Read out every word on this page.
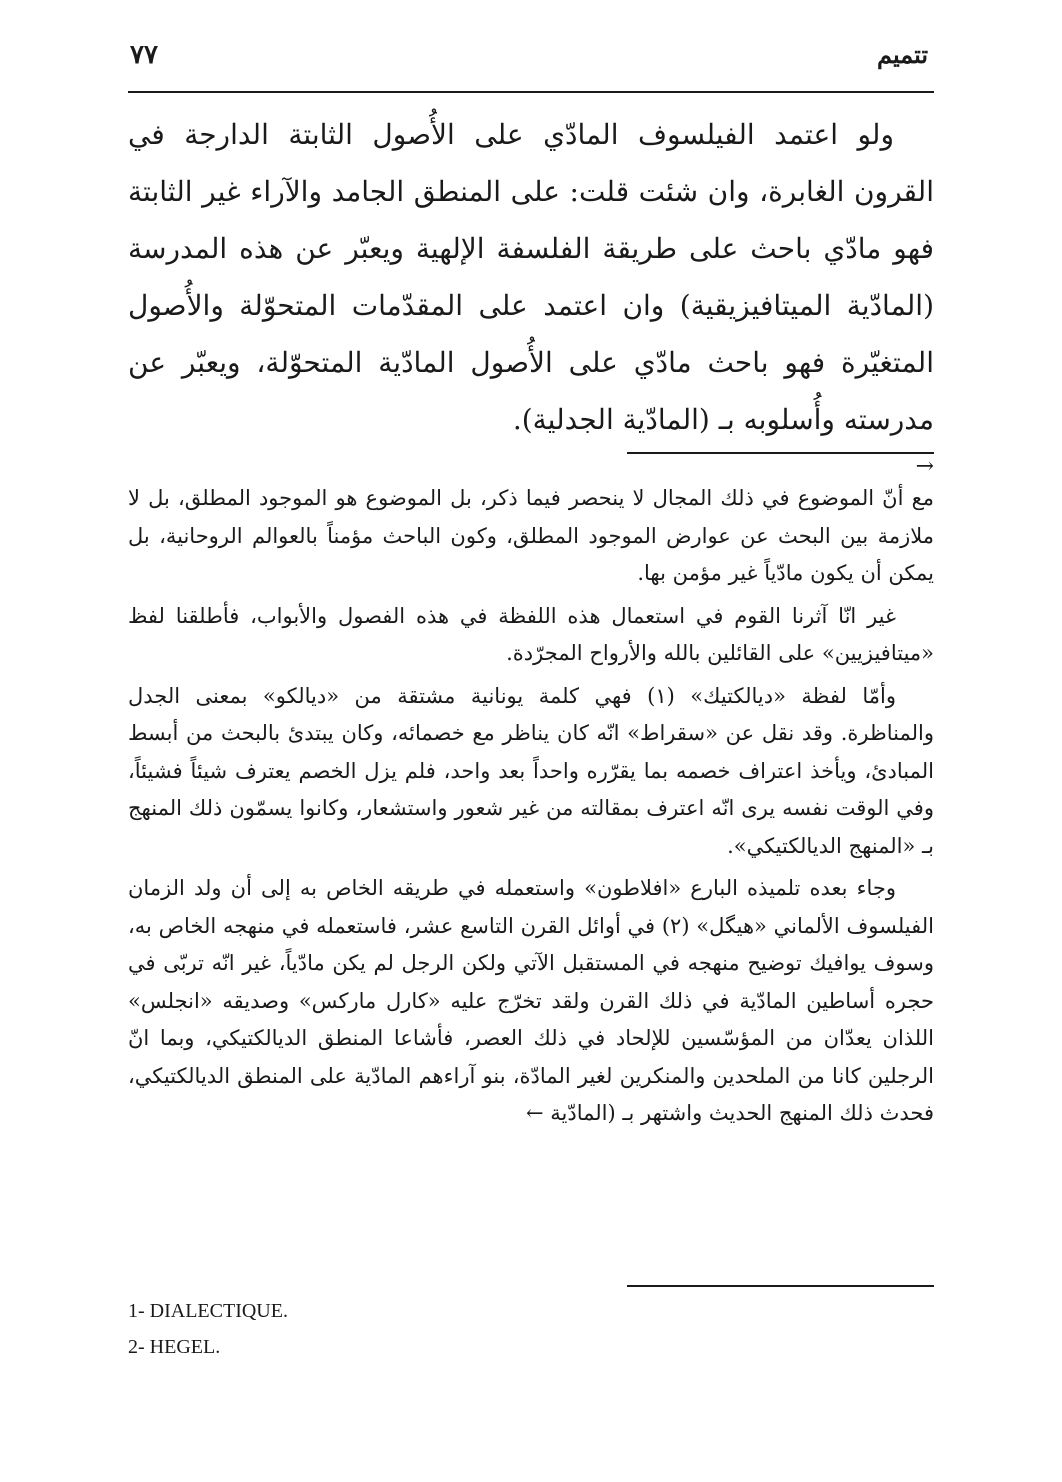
٧٧	تتميم

ولو اعتمد الفيلسوف المادّي على الأُصول الثابتة الدارجة في القرون الغابرة، وان شئت قلت: على المنطق الجامد والآراء غير الثابتة فهو مادّي باحث على طريقة الفلسفة الإلهية ويعبّر عن هذه المدرسة (المادّية الميتافيزيقية) وان اعتمد على المقدّمات المتحوّلة والأُصول المتغيّرة فهو باحث مادّي على الأُصول المادّية المتحوّلة، ويعبّر عن مدرسته وأُسلوبه بـ (المادّية الجدلية).

→

مع أنّ الموضوع في ذلك المجال لا ينحصر فيما ذكر، بل الموضوع هو الموجود المطلق، بل لا ملازمة بين البحث عن عوارض الموجود المطلق، وكون الباحث مؤمناً بالعوالم الروحانية، بل يمكن أن يكون مادّياً غير مؤمن بها.

غير انّا آثرنا القوم في استعمال هذه اللفظة في هذه الفصول والأبواب، فأطلقنا لفظ «ميتافيزيين» على القائلين بالله والأرواح المجرّدة.

وأمّا لفظة «ديالكتيك» (١) فهي كلمة يونانية مشتقة من «ديالكو» بمعنى الجدل والمناظرة. وقد نقل عن «سقراط» انّه كان يناظر مع خصمائه، وكان يبتدئ بالبحث من أبسط المبادئ، ويأخذ اعتراف خصمه بما يقرّره واحداً بعد واحد، فلم يزل الخصم يعترف شيئاً فشيئاً، وفي الوقت نفسه يرى انّه اعترف بمقالته من غير شعور واستشعار، وكانوا يسمّون ذلك المنهج بـ «المنهج الديالكتيكي».

وجاء بعده تلميذه البارع «افلاطون» واستعمله في طريقه الخاص به إلى أن ولد الزمان الفيلسوف الألماني «هيگل» (٢) في أوائل القرن التاسع عشر، فاستعمله في منهجه الخاص به، وسوف يوافيك توضيح منهجه في المستقبل الآتي ولكن الرجل لم يكن مادّياً، غير انّه تربّى في حجره أساطين المادّية في ذلك القرن ولقد تخرّج عليه «كارل ماركس» وصديقه «انجلس» اللذان يعدّان من المؤسّسين للإلحاد في ذلك العصر، فأشاعا المنطق الديالكتيكي، وبما انّ الرجلين كانا من الملحدين والمنكرين لغير المادّة، بنو آراءهم المادّية على المنطق الديالكتيكي، فحدث ذلك المنهج الحديث واشتهر بـ (المادّية ←

1- DIALECTIQUE.
2- HEGEL.
